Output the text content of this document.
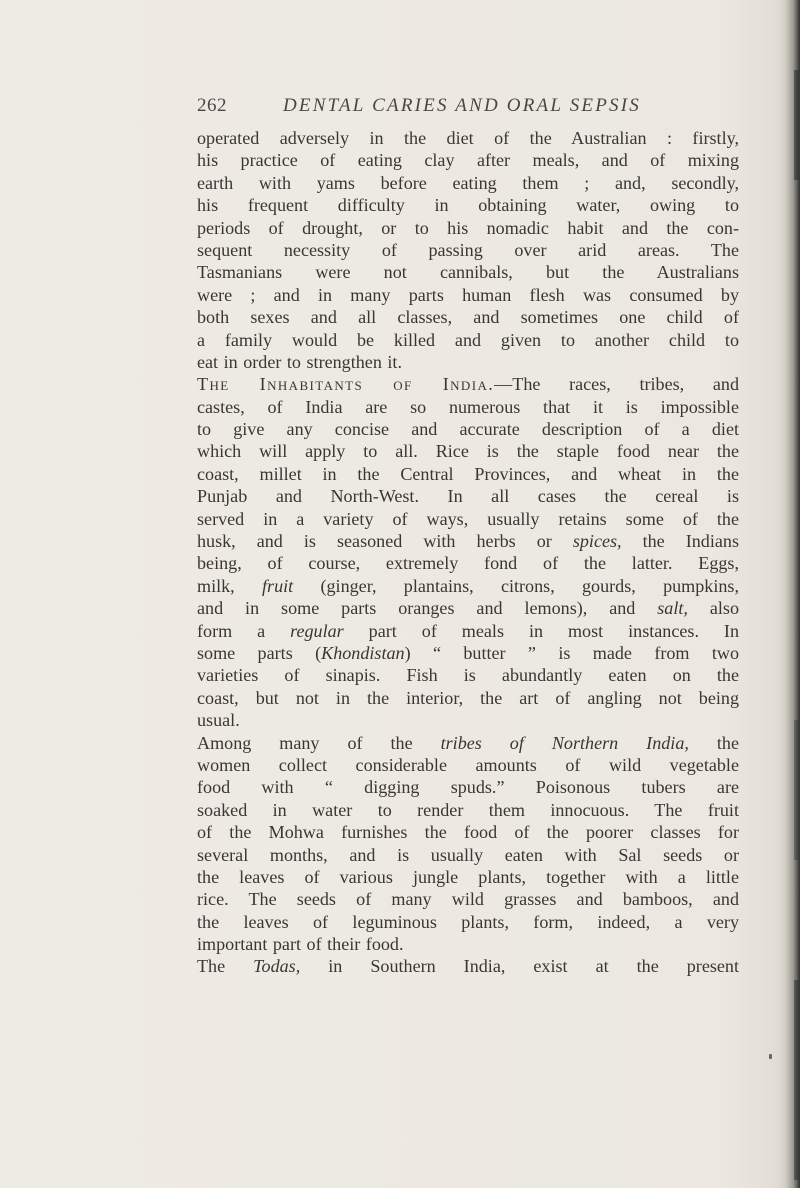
262	DENTAL CARIES AND ORAL SEPSIS
operated adversely in the diet of the Australian : firstly,
his practice of eating clay after meals, and of mixing
earth with yams before eating them ; and, secondly,
his frequent difficulty in obtaining water, owing to
periods of drought, or to his nomadic habit and the con-
sequent necessity of passing over arid areas. The
Tasmanians were not cannibals, but the Australians
were ; and in many parts human flesh was consumed by
both sexes and all classes, and sometimes one child of
a family would be killed and given to another child to
eat in order to strengthen it.
The Inhabitants of India.—The races, tribes, and
castes, of India are so numerous that it is impossible
to give any concise and accurate description of a diet
which will apply to all. Rice is the staple food near the
coast, millet in the Central Provinces, and wheat in the
Punjab and North-West. In all cases the cereal is
served in a variety of ways, usually retains some of the
husk, and is seasoned with herbs or spices, the Indians
being, of course, extremely fond of the latter. Eggs,
milk, fruit (ginger, plantains, citrons, gourds, pumpkins,
and in some parts oranges and lemons), and salt, also
form a regular part of meals in most instances. In
some parts (Khondistan) “ butter ” is made from two
varieties of sinapis. Fish is abundantly eaten on the
coast, but not in the interior, the art of angling not being
usual.
Among many of the tribes of Northern India, the
women collect considerable amounts of wild vegetable
food with “ digging spuds.” Poisonous tubers are
soaked in water to render them innocuous. The fruit
of the Mohwa furnishes the food of the poorer classes for
several months, and is usually eaten with Sal seeds or
the leaves of various jungle plants, together with a little
rice. The seeds of many wild grasses and bamboos, and
the leaves of leguminous plants, form, indeed, a very
important part of their food.
The Todas, in Southern India, exist at the present
